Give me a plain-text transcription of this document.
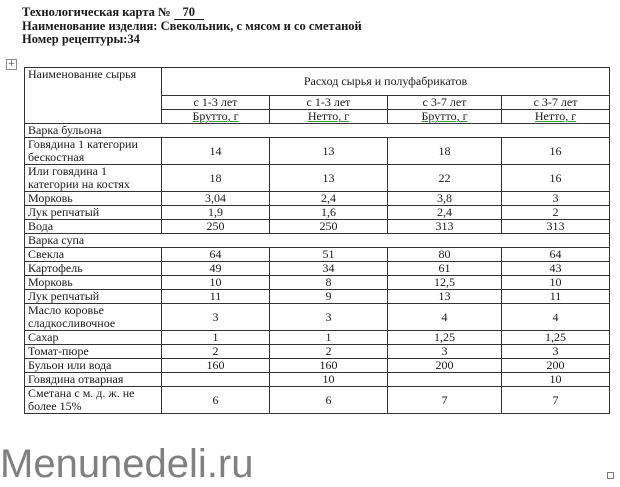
Технологическая карта № 70
Наименование изделия: Свекольник, с мясом и со сметаной
Номер рецептуры:34
+
Наименование сырья	Расход сырья и полуфабрикатов			
	с 1-3 лет	с 1-3 лет	с 3-7 лет	с 3-7 лет
	Брутто, г	Нетто, г	Брутто, г	Нетто, г
Варка бульона				
Говядина 1 категории бескостная	14	13	18	16
Или говядина 1 категории на костях	18	13	22	16
Морковь	3,04	2,4	3,8	3
Лук репчатый	1,9	1,6	2,4	2
Вода	250	250	313	313
Варка супа				
Свекла	64	51	80	64
Картофель	49	34	61	43
Морковь	10	8	12,5	10
Лук репчатый	11	9	13	11
Масло коровье сладкосливочное	3	3	4	4
Сахар	1	1	1,25	1,25
Томат-пюре	2	2	3	3
Бульон или вода	160	160	200	200
Говядина отварная		10		10
Сметана с м. д. ж. не более 15%	6	6	7	7
Menunedeli.ru
